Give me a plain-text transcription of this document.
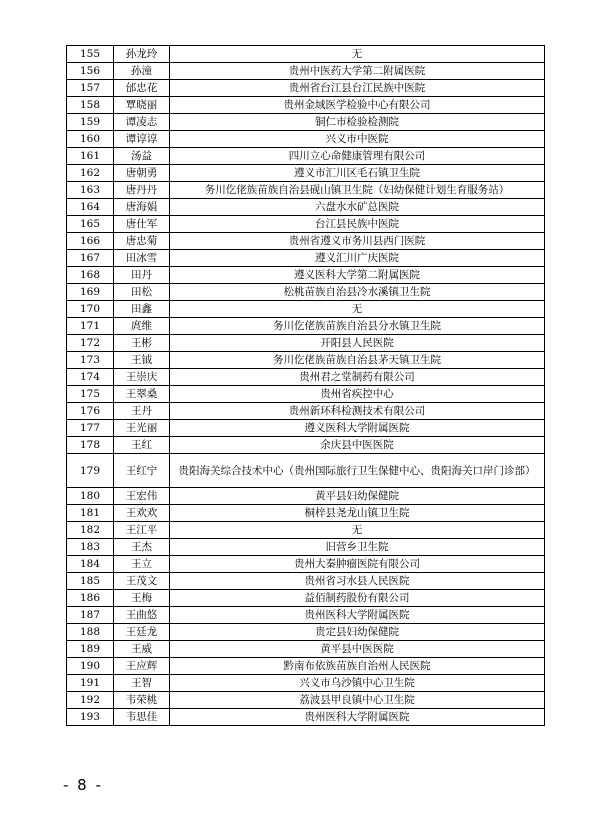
155	孙龙玲	无
156	孙潼	贵州中医药大学第二附属医院
157	邰忠花	贵州省台江县台江民族中医院
158	覃晓丽	贵州金域医学检验中心有限公司
159	谭凌志	铜仁市检验检测院
160	谭谆谆	兴义市中医院
161	汤益	四川立心命健康管理有限公司
162	唐朝勇	遵义市汇川区毛石镇卫生院
163	唐丹丹	务川仡佬族苗族自治县砚山镇卫生院（妇幼保健计划生育服务站）
164	唐海娟	六盘水水矿总医院
165	唐仕军	台江县民族中医院
166	唐忠菊	贵州省遵义市务川县西门医院
167	田冰雪	遵义汇川广庆医院
168	田丹	遵义医科大学第二附属医院
169	田松	松桃苗族自治县冷水溪镇卫生院
170	田鑫	无
171	庹维	务川仡佬族苗族自治县分水镇卫生院
172	王彬	开阳县人民医院
173	王钺	务川仡佬族苗族自治县茅天镇卫生院
174	王崇庆	贵州君之堂制药有限公司
175	王翠桑	贵州省疾控中心
176	王丹	贵州新环科检测技术有限公司
177	王光丽	遵义医科大学附属医院
178	王红	余庆县中医医院
179	王红宁	贵阳海关综合技术中心（贵州国际旅行卫生保健中心、贵阳海关口岸门诊部）
180	王宏伟	黄平县妇幼保健院
181	王欢欢	桐梓县尧龙山镇卫生院
182	王江平	无
183	王杰	旧营乡卫生院
184	王立	贵州大秦肿瘤医院有限公司
185	王茂文	贵州省习水县人民医院
186	王梅	益佰制药股份有限公司
187	王曲悠	贵州医科大学附属医院
188	王廷龙	贵定县妇幼保健院
189	王威	黄平县中医医院
190	王应辉	黔南布依族苗族自治州人民医院
191	王智	兴义市乌沙镇中心卫生院
192	韦荣桃	荔波县甲良镇中心卫生院
193	韦思佳	贵州医科大学附属医院
- 8 -
